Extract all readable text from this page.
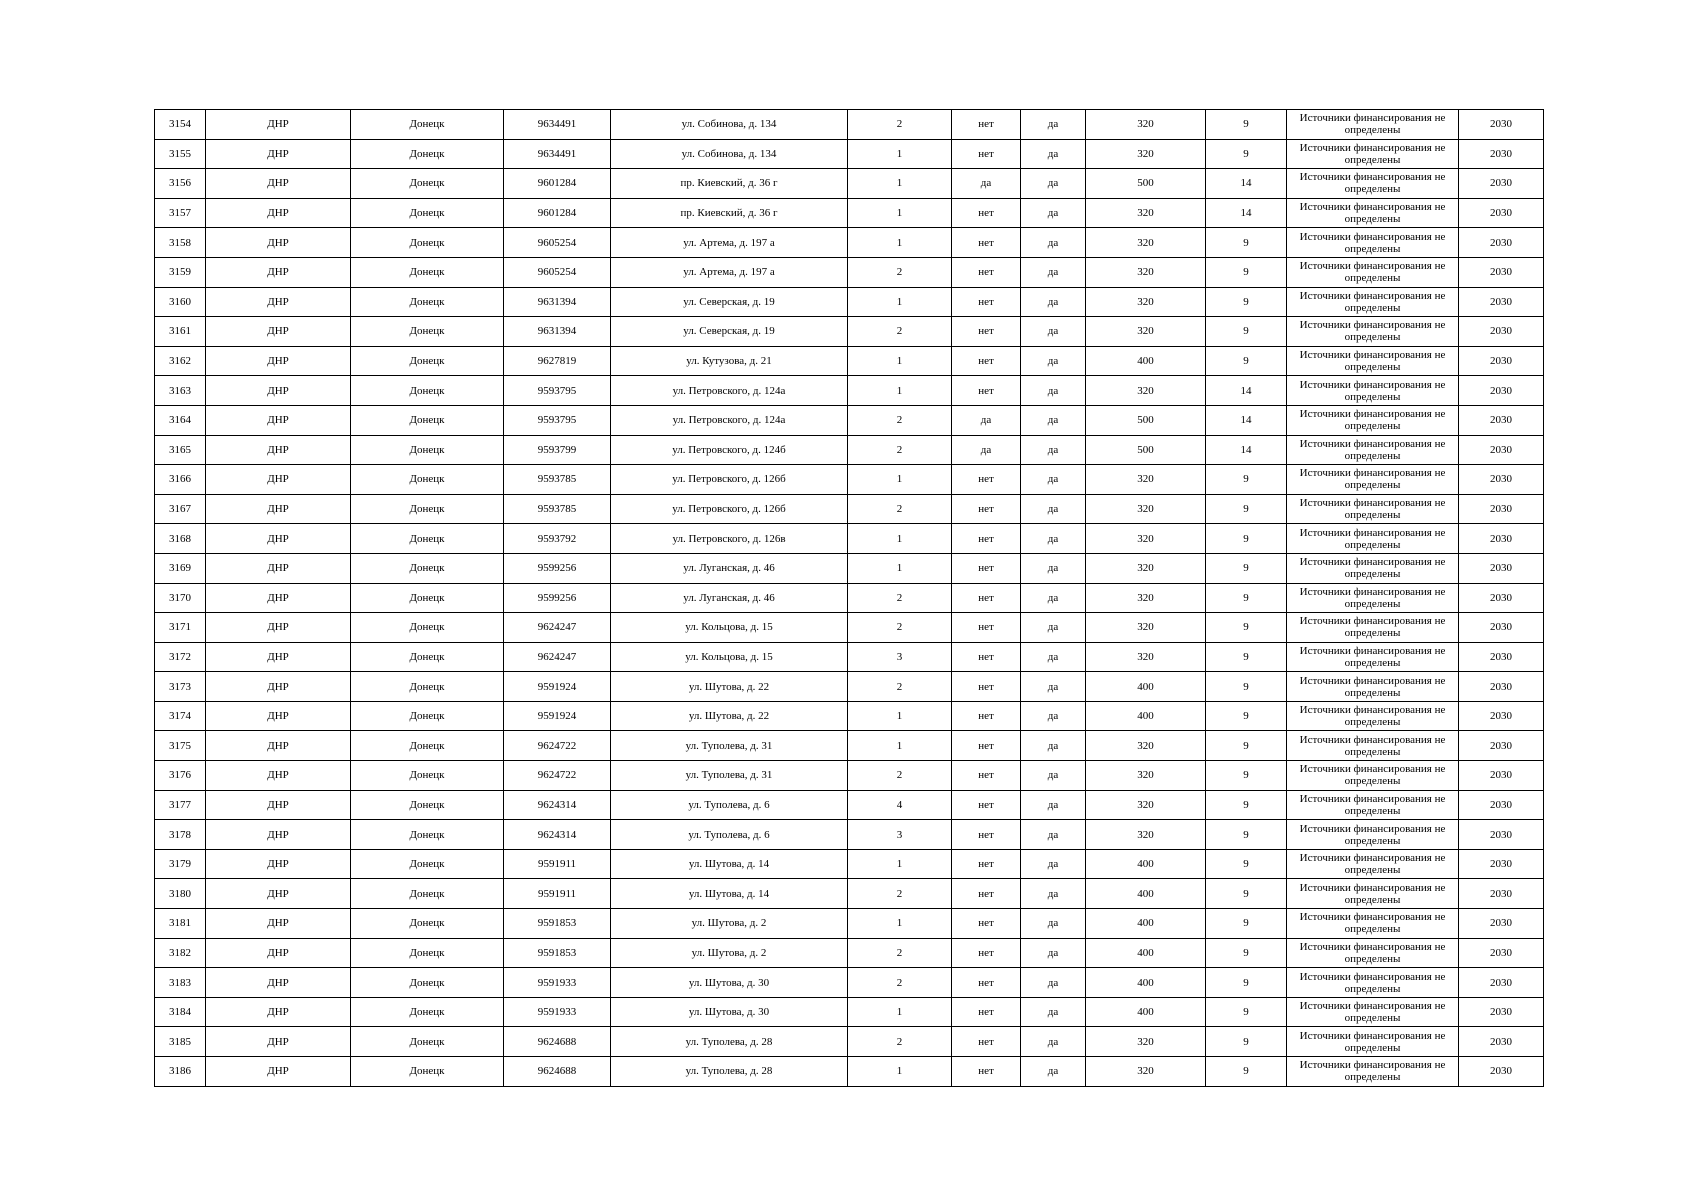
3154	ДНР	Донецк	9634491	ул. Собинова, д. 134	2	нет	да	320	9	Источники финансирования не определены	2030
3155	ДНР	Донецк	9634491	ул. Собинова, д. 134	1	нет	да	320	9	Источники финансирования не определены	2030
3156	ДНР	Донецк	9601284	пр. Киевский, д. 36 г	1	да	да	500	14	Источники финансирования не определены	2030
3157	ДНР	Донецк	9601284	пр. Киевский, д. 36 г	1	нет	да	320	14	Источники финансирования не определены	2030
3158	ДНР	Донецк	9605254	ул. Артема, д. 197 а	1	нет	да	320	9	Источники финансирования не определены	2030
3159	ДНР	Донецк	9605254	ул. Артема, д. 197 а	2	нет	да	320	9	Источники финансирования не определены	2030
3160	ДНР	Донецк	9631394	ул. Северская, д. 19	1	нет	да	320	9	Источники финансирования не определены	2030
3161	ДНР	Донецк	9631394	ул. Северская, д. 19	2	нет	да	320	9	Источники финансирования не определены	2030
3162	ДНР	Донецк	9627819	ул. Кутузова, д. 21	1	нет	да	400	9	Источники финансирования не определены	2030
3163	ДНР	Донецк	9593795	ул. Петровского, д. 124а	1	нет	да	320	14	Источники финансирования не определены	2030
3164	ДНР	Донецк	9593795	ул. Петровского, д. 124а	2	да	да	500	14	Источники финансирования не определены	2030
3165	ДНР	Донецк	9593799	ул. Петровского, д. 124б	2	да	да	500	14	Источники финансирования не определены	2030
3166	ДНР	Донецк	9593785	ул. Петровского, д. 126б	1	нет	да	320	9	Источники финансирования не определены	2030
3167	ДНР	Донецк	9593785	ул. Петровского, д. 126б	2	нет	да	320	9	Источники финансирования не определены	2030
3168	ДНР	Донецк	9593792	ул. Петровского, д. 126в	1	нет	да	320	9	Источники финансирования не определены	2030
3169	ДНР	Донецк	9599256	ул. Луганская, д. 46	1	нет	да	320	9	Источники финансирования не определены	2030
3170	ДНР	Донецк	9599256	ул. Луганская, д. 46	2	нет	да	320	9	Источники финансирования не определены	2030
3171	ДНР	Донецк	9624247	ул. Кольцова, д. 15	2	нет	да	320	9	Источники финансирования не определены	2030
3172	ДНР	Донецк	9624247	ул. Кольцова, д. 15	3	нет	да	320	9	Источники финансирования не определены	2030
3173	ДНР	Донецк	9591924	ул. Шутова, д. 22	2	нет	да	400	9	Источники финансирования не определены	2030
3174	ДНР	Донецк	9591924	ул. Шутова, д. 22	1	нет	да	400	9	Источники финансирования не определены	2030
3175	ДНР	Донецк	9624722	ул. Туполева, д. 31	1	нет	да	320	9	Источники финансирования не определены	2030
3176	ДНР	Донецк	9624722	ул. Туполева, д. 31	2	нет	да	320	9	Источники финансирования не определены	2030
3177	ДНР	Донецк	9624314	ул. Туполева, д. 6	4	нет	да	320	9	Источники финансирования не определены	2030
3178	ДНР	Донецк	9624314	ул. Туполева, д. 6	3	нет	да	320	9	Источники финансирования не определены	2030
3179	ДНР	Донецк	9591911	ул. Шутова, д. 14	1	нет	да	400	9	Источники финансирования не определены	2030
3180	ДНР	Донецк	9591911	ул. Шутова, д. 14	2	нет	да	400	9	Источники финансирования не определены	2030
3181	ДНР	Донецк	9591853	ул. Шутова, д. 2	1	нет	да	400	9	Источники финансирования не определены	2030
3182	ДНР	Донецк	9591853	ул. Шутова, д. 2	2	нет	да	400	9	Источники финансирования не определены	2030
3183	ДНР	Донецк	9591933	ул. Шутова, д. 30	2	нет	да	400	9	Источники финансирования не определены	2030
3184	ДНР	Донецк	9591933	ул. Шутова, д. 30	1	нет	да	400	9	Источники финансирования не определены	2030
3185	ДНР	Донецк	9624688	ул. Туполева, д. 28	2	нет	да	320	9	Источники финансирования не определены	2030
3186	ДНР	Донецк	9624688	ул. Туполева, д. 28	1	нет	да	320	9	Источники финансирования не определены	2030
